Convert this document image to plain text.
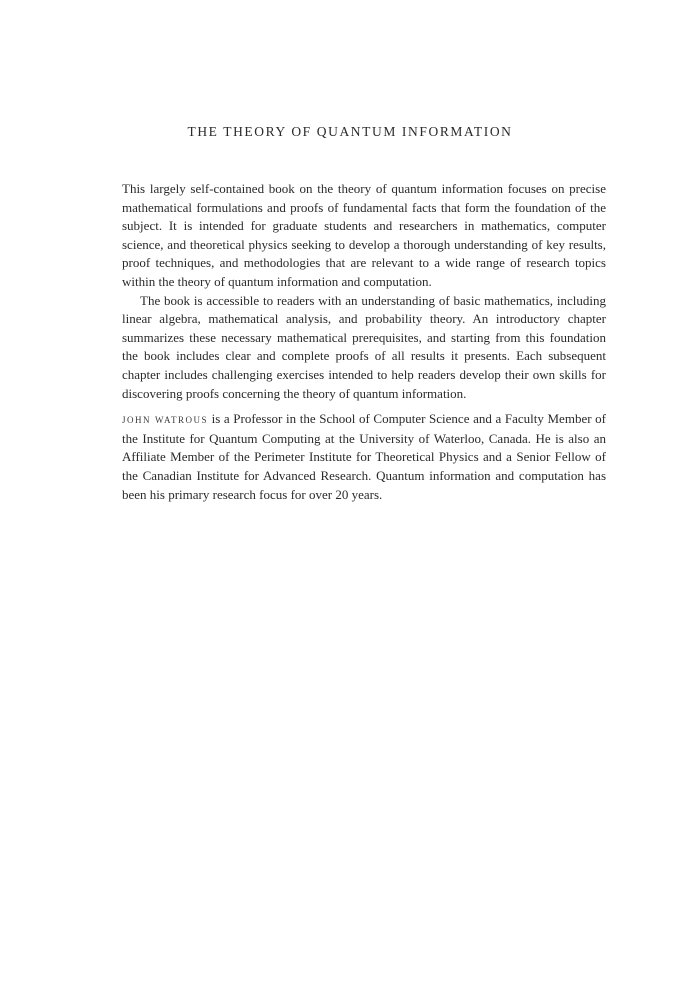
THE THEORY OF QUANTUM INFORMATION

This largely self-contained book on the theory of quantum information focuses on precise mathematical formulations and proofs of fundamental facts that form the foundation of the subject. It is intended for graduate students and researchers in mathematics, computer science, and theoretical physics seeking to develop a thorough understanding of key results, proof techniques, and methodologies that are relevant to a wide range of research topics within the theory of quantum information and computation.

The book is accessible to readers with an understanding of basic mathematics, including linear algebra, mathematical analysis, and probability theory. An introductory chapter summarizes these necessary mathematical prerequisites, and starting from this foundation the book includes clear and complete proofs of all results it presents. Each subsequent chapter includes challenging exercises intended to help readers develop their own skills for discovering proofs concerning the theory of quantum information.

JOHN WATROUS is a Professor in the School of Computer Science and a Faculty Member of the Institute for Quantum Computing at the University of Waterloo, Canada. He is also an Affiliate Member of the Perimeter Institute for Theoretical Physics and a Senior Fellow of the Canadian Institute for Advanced Research. Quantum information and computation has been his primary research focus for over 20 years.
